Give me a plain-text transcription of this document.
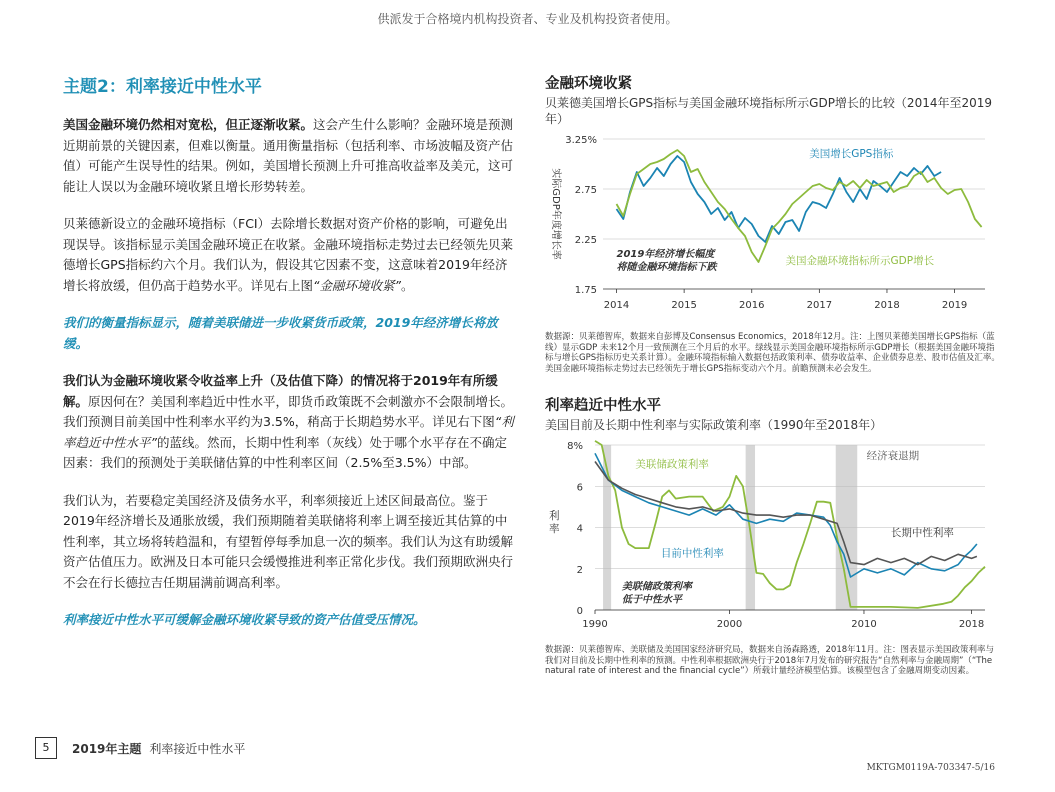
供派发于合格境内机构投资者、专业及机构投资者使用。
主题2：利率接近中性水平

美国金融环境仍然相对宽松，但正逐渐收紧。这会产生什么影响？金融环境是预测近期前景的关键因素，但难以衡量。通用衡量指标（包括利率、市场波幅及资产估值）可能产生误导性的结果。例如，美国增长预测上升可推高收益率及美元，这可能让人误以为金融环境收紧且增长形势转差。

贝莱德新设立的金融环境指标（FCI）去除增长数据对资产价格的影响，可避免出现误导。该指标显示美国金融环境正在收紧。金融环境指标走势过去已经领先贝莱德增长GPS指标约六个月。我们认为，假设其它因素不变，这意味着2019年经济增长将放缓，但仍高于趋势水平。详见右上图“金融环境收紧”。

我们的衡量指标显示，随着美联储进一步收紧货币政策，2019年经济增长将放缓。

我们认为金融环境收紧令收益率上升（及估值下降）的情况将于2019年有所缓解。原因何在？美国利率趋近中性水平，即货币政策既不会刺激亦不会限制增长。我们预测目前美国中性利率水平约为3.5%，稍高于长期趋势水平。详见右下图“利率趋近中性水平”的蓝线。然而，长期中性利率（灰线）处于哪个水平存在不确定因素：我们的预测处于美联储估算的中性利率区间（2.5%至3.5%）中部。

我们认为，若要稳定美国经济及债务水平，利率须接近上述区间最高位。鉴于2019年经济增长及通胀放缓，我们预期随着美联储将利率上调至接近其估算的中性利率，其立场将转趋温和，有望暂停每季加息一次的频率。我们认为这有助缓解资产估值压力。欧洲及日本可能只会缓慢推进利率正常化步伐。我们预期欧洲央行不会在行长德拉吉任期届满前调高利率。

利率接近中性水平可缓解金融环境收紧导致的资产估值受压情况。

金融环境收紧

贝莱德美国增长GPS指标与美国金融环境指标所示GDP增长的比较（2014年至2019年）

1.75
2.25
2.75
3.25%
实际GDP年度增长率
2014	2015	2016	2017	2018	2019
美国增长GPS指标
美国金融环境指标所示GDP增长
2019年经济增长幅度
将随金融环境指标下跌
数据源：贝莱德智库，数据来自彭博及Consensus Economics，2018年12月。注：上图贝莱德美国增长GPS指标（蓝线）显示GDP 未来12个月一致预测在三个月后的水平。绿线显示美国金融环境指标所示GDP增长（根据美国金融环境指标与增长GPS指标历史关系计算）。金融环境指标输入数据包括政策利率、债券收益率、企业债券息差、股市估值及汇率。美国金融环境指标走势过去已经领先于增长GPS指标变动六个月。前瞻预测未必会发生。
利率趋近中性水平

美国目前及长期中性利率与实际政策利率（1990年至2018年）

经济衰退期
0
2
4
6
8%
利
率
1990	2000	2010	2018
美联储政策利率
目前中性利率
长期中性利率
美联储政策利率
低于中性水平
数据源：贝莱德智库、美联储及美国国家经济研究局，数据来自汤森路透，2018年11月。注：图表显示美国政策利率与我们对目前及长期中性利率的预测。中性利率根据欧洲央行于2018年7月发布的研究报告“自然利率与金融周期”（“The natural rate of interest and the financial cycle”）所载计量经济模型估算。该模型包含了金融周期变动因素。
5	2019年主题 利率接近中性水平
MKTGM0119A-703347-5/16
